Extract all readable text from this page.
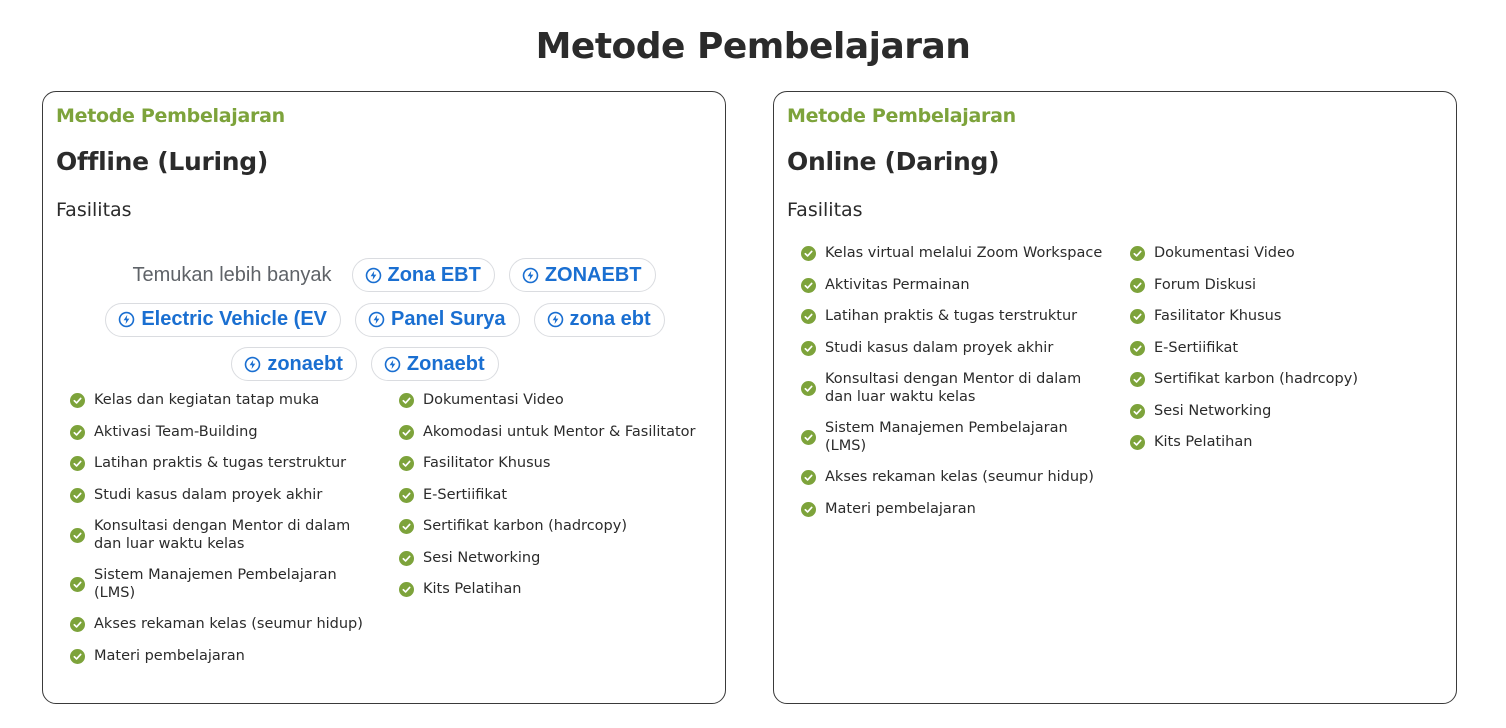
Metode Pembelajaran
Metode Pembelajaran
Offline (Luring)
Fasilitas
Temukan lebih banyak	Zona EBT	ZONAEBT
Electric Vehicle (EV	Panel Surya	zona ebt
zonaebt	Zonaebt
Kelas dan kegiatan tatap muka
Aktivasi Team-Building
Latihan praktis & tugas terstruktur
Studi kasus dalam proyek akhir
Konsultasi dengan Mentor di dalam dan luar waktu kelas
Sistem Manajemen Pembelajaran (LMS)
Akses rekaman kelas (seumur hidup)
Materi pembelajaran
Dokumentasi Video
Akomodasi untuk Mentor & Fasilitator
Fasilitator Khusus
E-Sertiifikat
Sertifikat karbon (hadrcopy)
Sesi Networking
Kits Pelatihan
Metode Pembelajaran
Online (Daring)
Fasilitas
Kelas virtual melalui Zoom Workspace
Aktivitas Permainan
Latihan praktis & tugas terstruktur
Studi kasus dalam proyek akhir
Konsultasi dengan Mentor di dalam dan luar waktu kelas
Sistem Manajemen Pembelajaran (LMS)
Akses rekaman kelas (seumur hidup)
Materi pembelajaran
Dokumentasi Video
Forum Diskusi
Fasilitator Khusus
E-Sertiifikat
Sertifikat karbon (hadrcopy)
Sesi Networking
Kits Pelatihan
